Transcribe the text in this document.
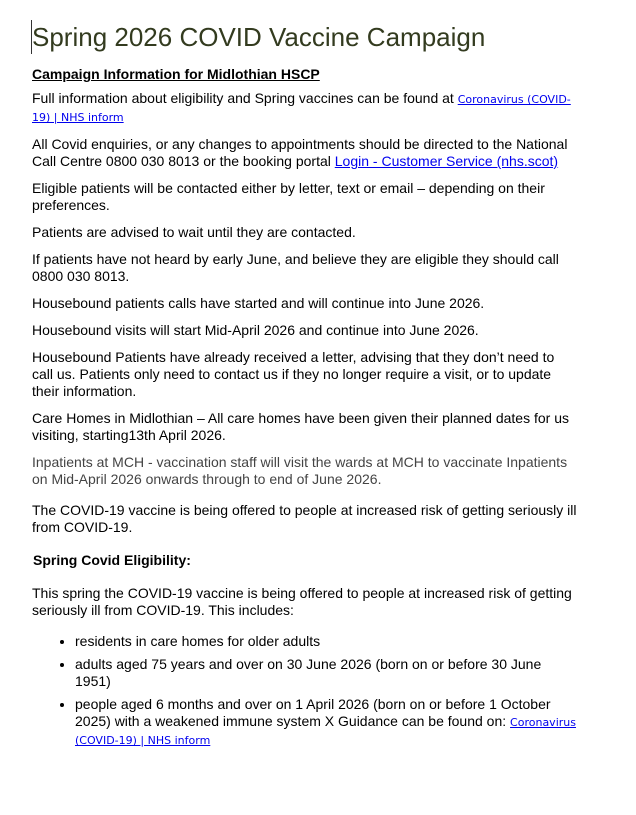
Spring 2026 COVID Vaccine Campaign
Campaign Information for Midlothian HSCP

Full information about eligibility and Spring vaccines can be found at Coronavirus (COVID-19) | NHS inform

All Covid enquiries, or any changes to appointments should be directed to the National Call Centre 0800 030 8013 or the booking portal Login - Customer Service (nhs.scot)

Eligible patients will be contacted either by letter, text or email – depending on their preferences.

Patients are advised to wait until they are contacted.

If patients have not heard by early June, and believe they are eligible they should call 0800 030 8013.

Housebound patients calls have started and will continue into June 2026.

Housebound visits will start Mid-April 2026 and continue into June 2026.

Housebound Patients have already received a letter, advising that they don’t need to call us. Patients only need to contact us if they no longer require a visit, or to update their information.

Care Homes in Midlothian – All care homes have been given their planned dates for us visiting, starting13th April 2026.

Inpatients at MCH - vaccination staff will visit the wards at MCH to vaccinate Inpatients on Mid-April 2026 onwards through to end of June 2026.

The COVID-19 vaccine is being offered to people at increased risk of getting seriously ill from COVID-19.

Spring Covid Eligibility:

This spring the COVID-19 vaccine is being offered to people at increased risk of getting seriously ill from COVID-19. This includes:

• residents in care homes for older adults
• adults aged 75 years and over on 30 June 2026 (born on or before 30 June 1951)
• people aged 6 months and over on 1 April 2026 (born on or before 1 October 2025) with a weakened immune system X Guidance can be found on: Coronavirus (COVID-19) | NHS inform
